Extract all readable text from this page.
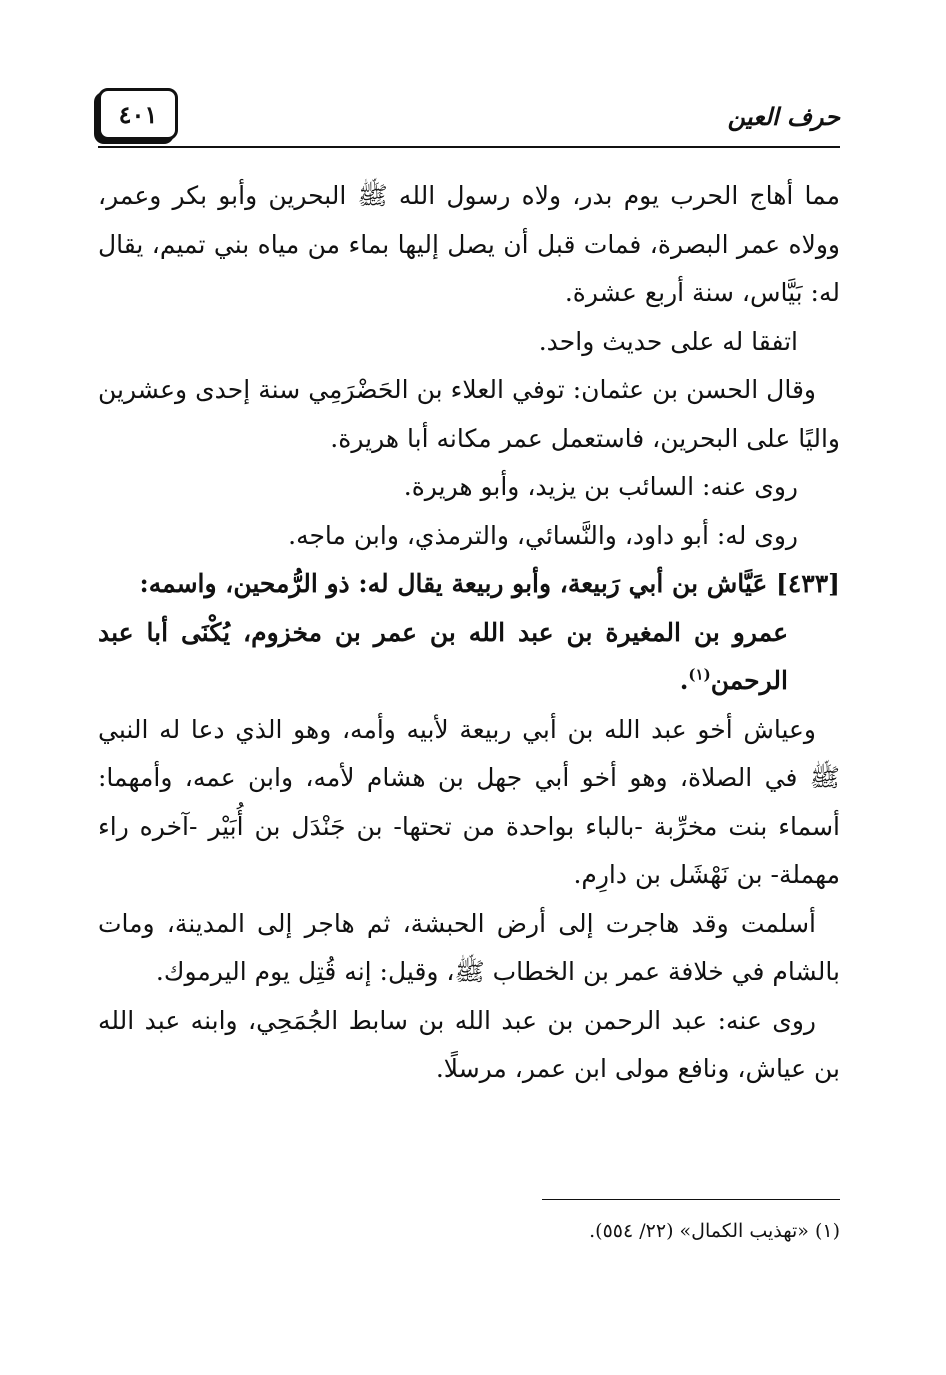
٤٠١	حرف العين

مما أهاج الحرب يوم بدر، ولاه رسول الله ﷺ البحرين وأبو بكر وعمر، وولاه عمر البصرة، فمات قبل أن يصل إليها بماء من مياه بني تميم، يقال له: بَيَّاس، سنة أربع عشرة.

اتفقا له على حديث واحد.

وقال الحسن بن عثمان: توفي العلاء بن الحَضْرَمِي سنة إحدى وعشرين واليًا على البحرين، فاستعمل عمر مكانه أبا هريرة.

روى عنه: السائب بن يزيد، وأبو هريرة.

روى له: أبو داود، والنَّسائي، والترمذي، وابن ماجه.

[٤٣٣] عَيَّاش بن أبي رَبيعة، وأبو ربيعة يقال له: ذو الرُّمحين، واسمه:
عمرو بن المغيرة بن عبد الله بن عمر بن مخزوم، يُكْنَى أبا عبد الرحمن$^{(١)}$.

وعياش أخو عبد الله بن أبي ربيعة لأبيه وأمه، وهو الذي دعا له النبي ﷺ في الصلاة، وهو أخو أبي جهل بن هشام لأمه، وابن عمه، وأمهما: أسماء بنت مخرِّبة -بالباء بواحدة من تحتها- بن جَنْدَل بن أُبَيْر -آخره راء مهملة- بن نَهْشَل بن دارِم.

أسلمت وقد هاجرت إلى أرض الحبشة، ثم هاجر إلى المدينة، ومات بالشام في خلافة عمر بن الخطاب ﷺ، وقيل: إنه قُتِل يوم اليرموك.

روى عنه: عبد الرحمن بن عبد الله بن سابط الجُمَحِي، وابنه عبد الله بن عياش، ونافع مولى ابن عمر، مرسلًا.

(١) «تهذيب الكمال» (٢٢/ ٥٥٤).
